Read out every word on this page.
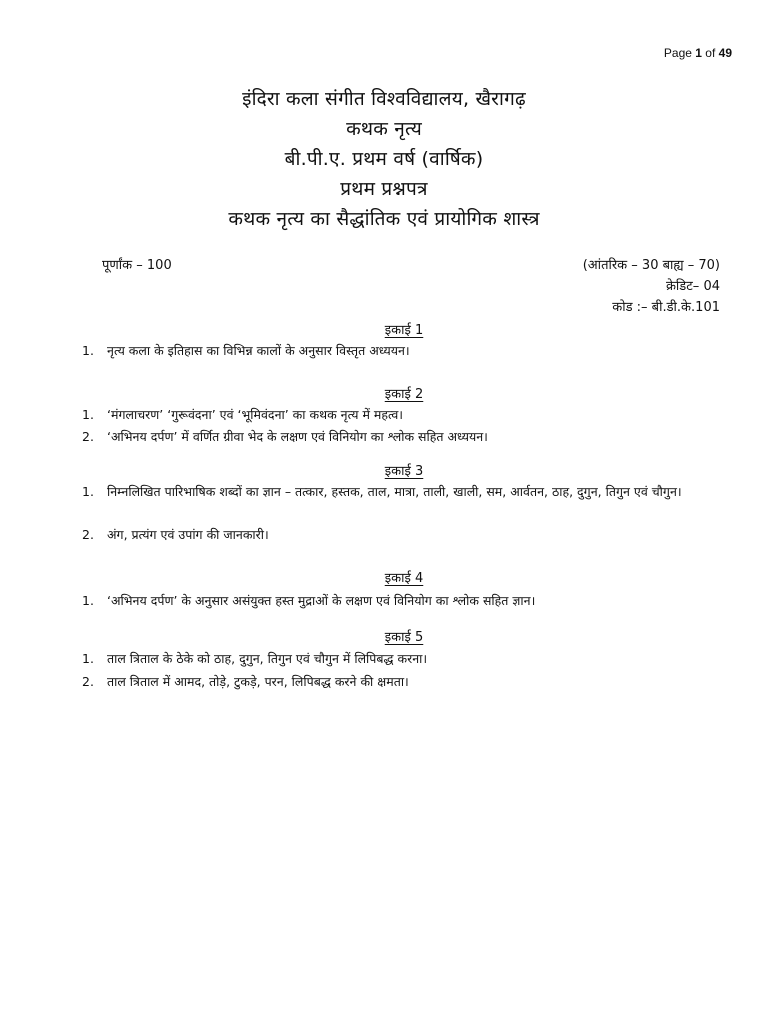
Page 1 of 49
इंदिरा कला संगीत विश्वविद्यालय, खैरागढ़
कथक नृत्य
बी.पी.ए. प्रथम वर्ष (वार्षिक)
प्रथम प्रश्नपत्र
कथक नृत्य का सैद्धांतिक एवं प्रायोगिक शास्त्र
पूर्णांक – 100	(आंतरिक – 30 बाह्य – 70)
क्रेडिट– 04
कोड :– बी.डी.के.101
इकाई 1
1.	नृत्य कला के इतिहास का विभिन्न कालों के अनुसार विस्तृत अध्ययन।
इकाई 2
1.	‘मंगलाचरण’ ‘गुरूवंदना’ एवं ‘भूमिवंदना’ का कथक नृत्य में महत्व।
2.	‘अभिनय दर्पण’ में वर्णित ग्रीवा भेद के लक्षण एवं विनियोग का श्लोक सहित अध्ययन।
इकाई 3
1.	निम्नलिखित पारिभाषिक शब्दों का ज्ञान – तत्कार, हस्तक, ताल, मात्रा, ताली, खाली, सम, आर्वतन, ठाह, दुगुन, तिगुन एवं चौगुन।
2.	अंग, प्रत्यंग एवं उपांग की जानकारी।
इकाई 4
1.	‘अभिनय दर्पण’ के अनुसार असंयुक्त हस्त मुद्राओं के लक्षण एवं विनियोग का श्लोक सहित ज्ञान।
इकाई 5
1.	ताल त्रिताल के ठेके को ठाह, दुगुन, तिगुन एवं चौगुन में लिपिबद्ध करना।
2.	ताल त्रिताल में आमद, तोड़े, टुकड़े, परन, लिपिबद्ध करने की क्षमता।
